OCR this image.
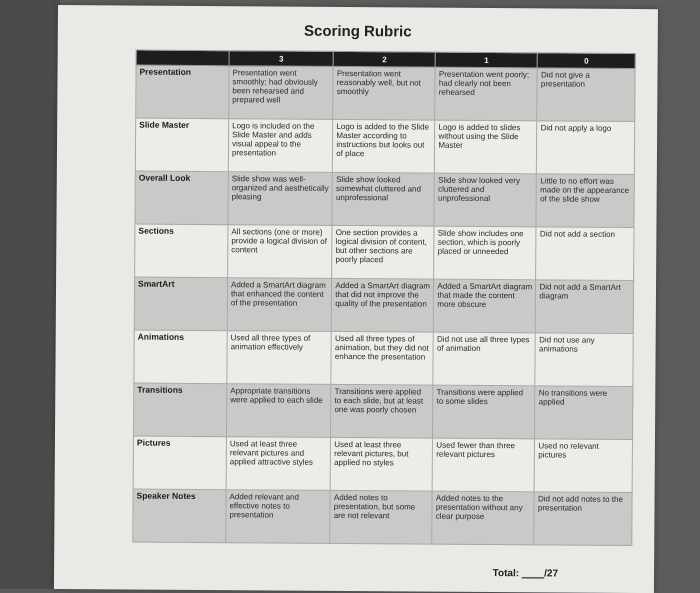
Scoring Rubric
	3	2	1	0
Presentation	Presentation went smoothly; had obviously been rehearsed and prepared well	Presentation went reasonably well, but not smoothly	Presentation went poorly; had clearly not been rehearsed	Did not give a presentation
Slide Master	Logo is included on the Slide Master and adds visual appeal to the presentation	Logo is added to the Slide Master according to instructions but looks out of place	Logo is added to slides without using the Slide Master	Did not apply a logo
Overall Look	Slide show was well-organized and aesthetically pleasing	Slide show looked somewhat cluttered and unprofessional	Slide show looked very cluttered and unprofessional	Little to no effort was made on the appearance of the slide show
Sections	All sections (one or more) provide a logical division of content	One section provides a logical division of content, but other sections are poorly placed	Slide show includes one section, which is poorly placed or unneeded	Did not add a section
SmartArt	Added a SmartArt diagram that enhanced the content of the presentation	Added a SmartArt diagram that did not improve the quality of the presentation	Added a SmartArt diagram that made the content more obscure	Did not add a SmartArt diagram
Animations	Used all three types of animation effectively	Used all three types of animation, but they did not enhance the presentation	Did not use all three types of animation	Did not use any animations
Transitions	Appropriate transitions were applied to each slide	Transitions were applied to each slide, but at least one was poorly chosen	Transitions were applied to some slides	No transitions were applied
Pictures	Used at least three relevant pictures and applied attractive styles	Used at least three relevant pictures, but applied no styles	Used fewer than three relevant pictures	Used no relevant pictures
Speaker Notes	Added relevant and effective notes to presentation	Added notes to presentation, but some are not relevant	Added notes to the presentation without any clear purpose	Did not add notes to the presentation
Total: ____/27
